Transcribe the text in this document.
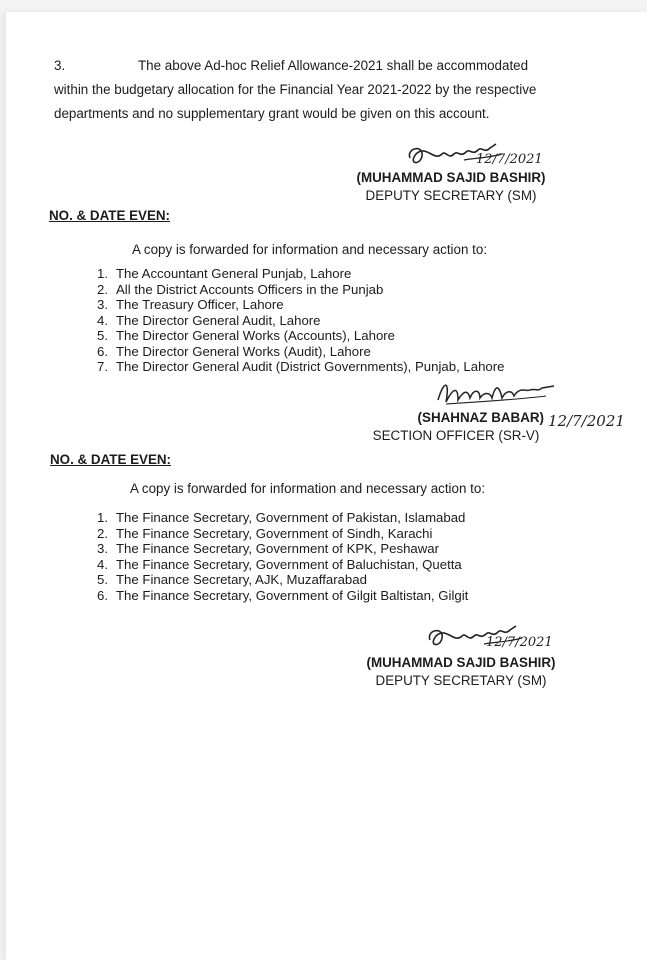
3.	The above Ad-hoc Relief Allowance-2021 shall be accommodated
within the budgetary allocation for the Financial Year 2021-2022 by the respective
departments and no supplementary grant would be given on this account.
12/7/2021
(MUHAMMAD SAJID BASHIR)
DEPUTY SECRETARY (SM)
NO. & DATE EVEN:
A copy is forwarded for information and necessary action to:
1. The Accountant General Punjab, Lahore
2. All the District Accounts Officers in the Punjab
3. The Treasury Officer, Lahore
4. The Director General Audit, Lahore
5. The Director General Works (Accounts), Lahore
6. The Director General Works (Audit), Lahore
7. The Director General Audit (District Governments), Punjab, Lahore
12/7/2021
(SHAHNAZ BABAR)
SECTION OFFICER (SR-V)
NO. & DATE EVEN:
A copy is forwarded for information and necessary action to:
1. The Finance Secretary, Government of Pakistan, Islamabad
2. The Finance Secretary, Government of Sindh, Karachi
3. The Finance Secretary, Government of KPK, Peshawar
4. The Finance Secretary, Government of Baluchistan, Quetta
5. The Finance Secretary, AJK, Muzaffarabad
6. The Finance Secretary, Government of Gilgit Baltistan, Gilgit
12/7/2021
(MUHAMMAD SAJID BASHIR)
DEPUTY SECRETARY (SM)
